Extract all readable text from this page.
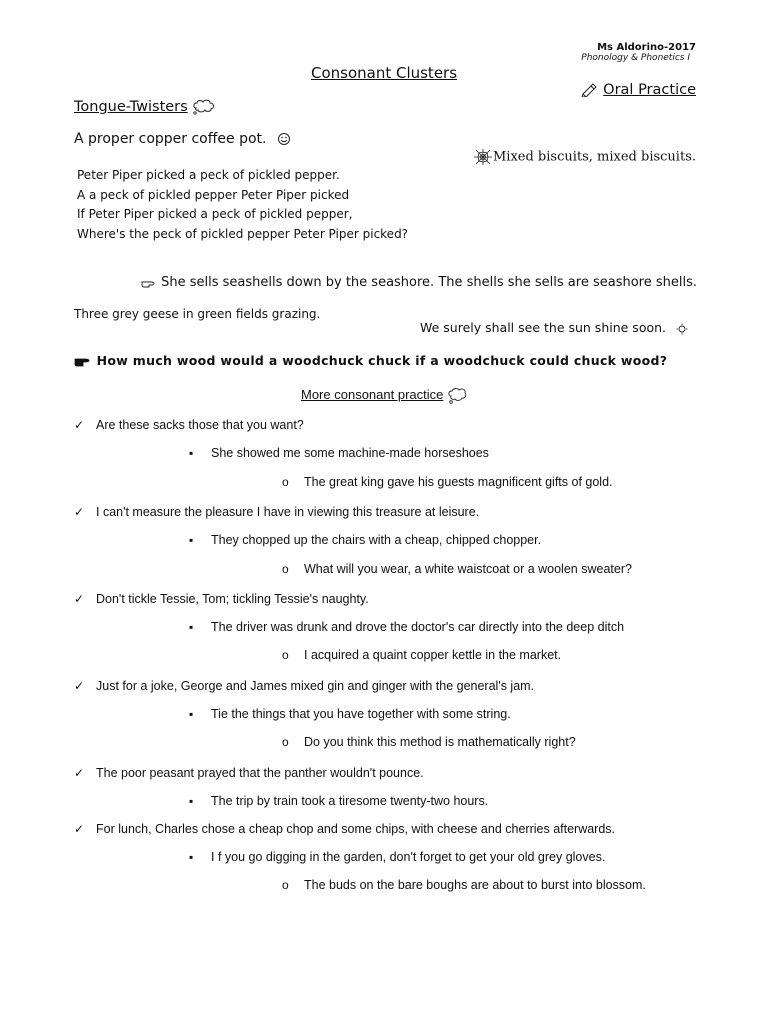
Ms Aldorino-2017
Phonology & Phonetics I
Consonant Clusters
Oral Practice
Tongue-Twisters
A proper copper coffee pot.
Mixed biscuits, mixed biscuits.
Peter Piper picked a peck of pickled pepper.
A a peck of pickled pepper Peter Piper picked
If Peter Piper picked a peck of pickled pepper,
Where's the peck of pickled pepper Peter Piper picked?
She sells seashells down by the seashore. The shells she sells are seashore shells.
Three grey geese in green fields grazing.
We surely shall see the sun shine soon.
How much wood would a woodchuck chuck if a woodchuck could chuck wood?
More consonant practice
✓ Are these sacks those that you want?
▪ She showed me some machine-made horseshoes
o The great king gave his guests magnificent gifts of gold.
✓ I can't measure the pleasure I have in viewing this treasure at leisure.
▪ They chopped up the chairs with a cheap, chipped chopper.
o What will you wear, a white waistcoat or a woolen sweater?
✓ Don't tickle Tessie, Tom; tickling Tessie's naughty.
▪ The driver was drunk and drove the doctor's car directly into the deep ditch
o I acquired a quaint copper kettle in the market.
✓ Just for a joke, George and James mixed gin and ginger with the general's jam.
▪ Tie the things that you have together with some string.
o Do you think this method is mathematically right?
✓ The poor peasant prayed that the panther wouldn't pounce.
▪ The trip by train took a tiresome twenty-two hours.
✓ For lunch, Charles chose a cheap chop and some chips, with cheese and cherries afterwards.
▪ I f you go digging in the garden, don't forget to get your old grey gloves.
o The buds on the bare boughs are about to burst into blossom.
